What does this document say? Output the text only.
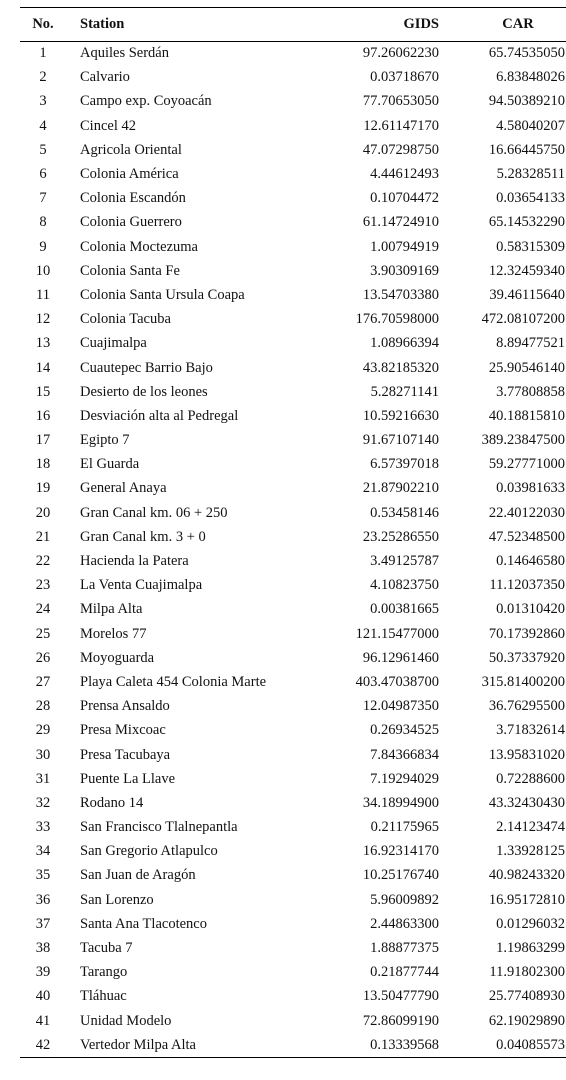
No.	Station	GIDS	CAR
1	Aquiles Serdán	97.26062230	65.74535050
2	Calvario	0.03718670	6.83848026
3	Campo exp. Coyoacán	77.70653050	94.50389210
4	Cincel 42	12.61147170	4.58040207
5	Agricola Oriental	47.07298750	16.66445750
6	Colonia América	4.44612493	5.28328511
7	Colonia Escandón	0.10704472	0.03654133
8	Colonia Guerrero	61.14724910	65.14532290
9	Colonia Moctezuma	1.00794919	0.58315309
10	Colonia Santa Fe	3.90309169	12.32459340
11	Colonia Santa Ursula Coapa	13.54703380	39.46115640
12	Colonia Tacuba	176.70598000	472.08107200
13	Cuajimalpa	1.08966394	8.89477521
14	Cuautepec Barrio Bajo	43.82185320	25.90546140
15	Desierto de los leones	5.28271141	3.77808858
16	Desviación alta al Pedregal	10.59216630	40.18815810
17	Egipto 7	91.67107140	389.23847500
18	El Guarda	6.57397018	59.27771000
19	General Anaya	21.87902210	0.03981633
20	Gran Canal km. 06 + 250	0.53458146	22.40122030
21	Gran Canal km. 3 + 0	23.25286550	47.52348500
22	Hacienda la Patera	3.49125787	0.14646580
23	La Venta Cuajimalpa	4.10823750	11.12037350
24	Milpa Alta	0.00381665	0.01310420
25	Morelos 77	121.15477000	70.17392860
26	Moyoguarda	96.12961460	50.37337920
27	Playa Caleta 454 Colonia Marte	403.47038700	315.81400200
28	Prensa Ansaldo	12.04987350	36.76295500
29	Presa Mixcoac	0.26934525	3.71832614
30	Presa Tacubaya	7.84366834	13.95831020
31	Puente La Llave	7.19294029	0.72288600
32	Rodano 14	34.18994900	43.32430430
33	San Francisco Tlalnepantla	0.21175965	2.14123474
34	San Gregorio Atlapulco	16.92314170	1.33928125
35	San Juan de Aragón	10.25176740	40.98243320
36	San Lorenzo	5.96009892	16.95172810
37	Santa Ana Tlacotenco	2.44863300	0.01296032
38	Tacuba 7	1.88877375	1.19863299
39	Tarango	0.21877744	11.91802300
40	Tláhuac	13.50477790	25.77408930
41	Unidad Modelo	72.86099190	62.19029890
42	Vertedor Milpa Alta	0.13339568	0.04085573
